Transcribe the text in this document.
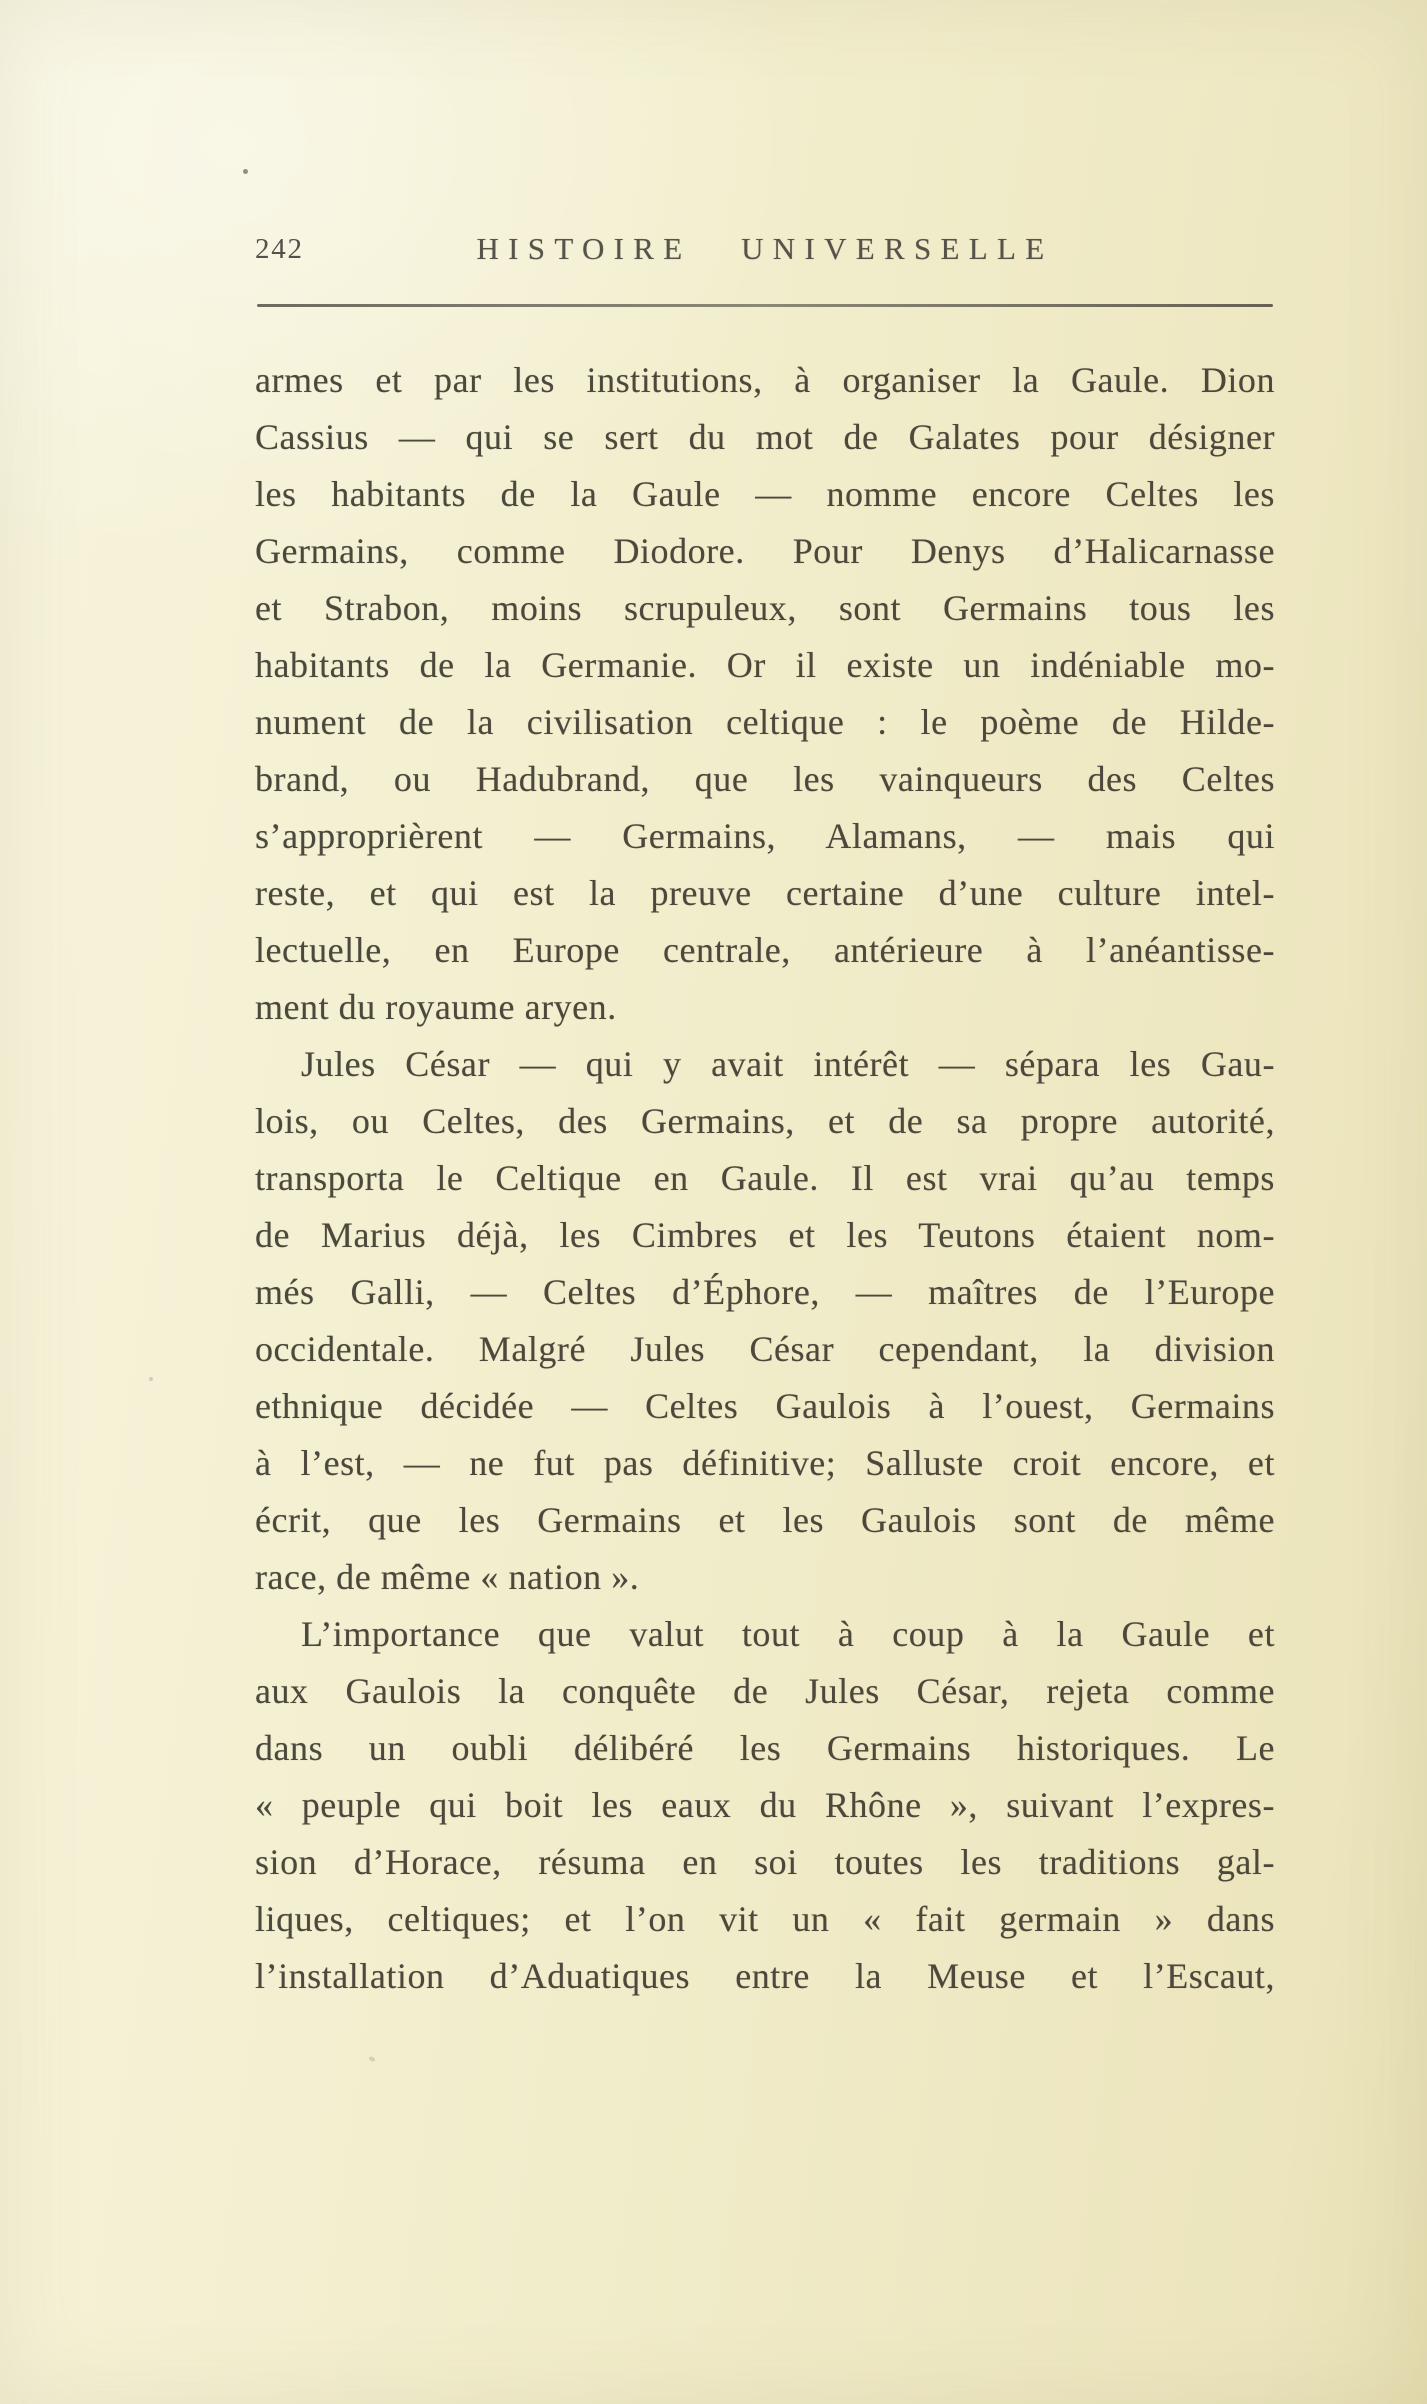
242	HISTOIRE UNIVERSELLE
armes et par les institutions, à organiser la Gaule. Dion
Cassius — qui se sert du mot de Galates pour désigner
les habitants de la Gaule — nomme encore Celtes les
Germains, comme Diodore. Pour Denys d’Halicarnasse
et Strabon, moins scrupuleux, sont Germains tous les
habitants de la Germanie. Or il existe un indéniable mo-
nument de la civilisation celtique : le poème de Hilde-
brand, ou Hadubrand, que les vainqueurs des Celtes
s’approprièrent — Germains, Alamans, — mais qui
reste, et qui est la preuve certaine d’une culture intel-
lectuelle, en Europe centrale, antérieure à l’anéantisse-
ment du royaume aryen.
Jules César — qui y avait intérêt — sépara les Gau-
lois, ou Celtes, des Germains, et de sa propre autorité,
transporta le Celtique en Gaule. Il est vrai qu’au temps
de Marius déjà, les Cimbres et les Teutons étaient nom-
més Galli, — Celtes d’Éphore, — maîtres de l’Europe
occidentale. Malgré Jules César cependant, la division
ethnique décidée — Celtes Gaulois à l’ouest, Germains
à l’est, — ne fut pas définitive; Salluste croit encore, et
écrit, que les Germains et les Gaulois sont de même
race, de même « nation ».
L’importance que valut tout à coup à la Gaule et
aux Gaulois la conquête de Jules César, rejeta comme
dans un oubli délibéré les Germains historiques. Le
« peuple qui boit les eaux du Rhône », suivant l’expres-
sion d’Horace, résuma en soi toutes les traditions gal-
liques, celtiques; et l’on vit un « fait germain » dans
l’installation d’Aduatiques entre la Meuse et l’Escaut,
